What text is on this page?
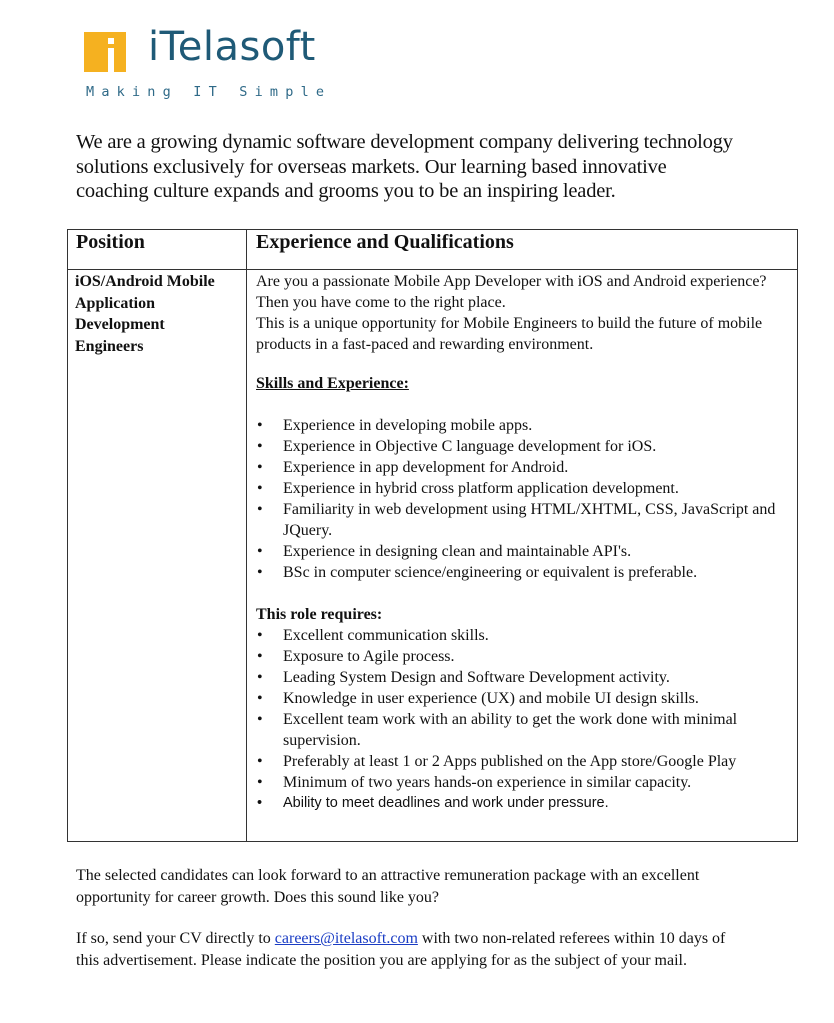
iTelasoft
Making IT Simple

We are a growing dynamic software development company delivering technology solutions exclusively for overseas markets. Our learning based innovative coaching culture expands and grooms you to be an inspiring leader.

Position	Experience and Qualifications
iOS/Android Mobile
Application
Development
Engineers

Are you a passionate Mobile App Developer with iOS and Android experience? Then you have come to the right place.

This is a unique opportunity for Mobile Engineers to build the future of mobile products in a fast-paced and rewarding environment.

Skills and Experience:

• Experience in developing mobile apps.
• Experience in Objective C language development for iOS.
• Experience in app development for Android.
• Experience in hybrid cross platform application development.
• Familiarity in web development using HTML/XHTML, CSS, JavaScript and JQuery.
• Experience in designing clean and maintainable API's.
• BSc in computer science/engineering or equivalent is preferable.

This role requires:

• Excellent communication skills.
• Exposure to Agile process.
• Leading System Design and Software Development activity.
• Knowledge in user experience (UX) and mobile UI design skills.
• Excellent team work with an ability to get the work done with minimal supervision.
• Preferably at least 1 or 2 Apps published on the App store/Google Play
• Minimum of two years hands-on experience in similar capacity.
• Ability to meet deadlines and work under pressure.

The selected candidates can look forward to an attractive remuneration package with an excellent opportunity for career growth. Does this sound like you?

If so, send your CV directly to careers@itelasoft.com with two non-related referees within 10 days of this advertisement. Please indicate the position you are applying for as the subject of your mail.
